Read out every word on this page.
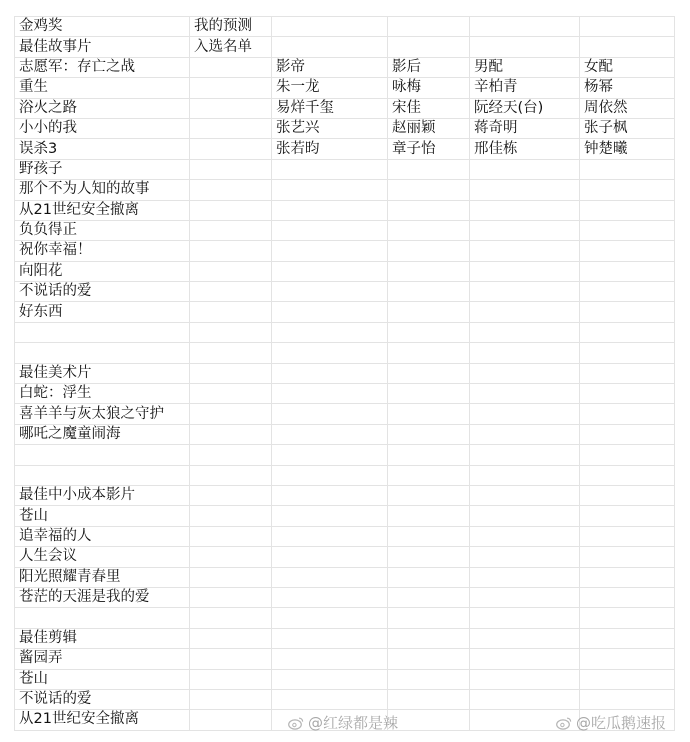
金鸡奖	我的预测				
最佳故事片	入选名单				
志愿军：存亡之战		影帝	影后	男配	女配
重生		朱一龙	咏梅	辛柏青	杨幂
浴火之路		易烊千玺	宋佳	阮经天(台)	周依然
小小的我		张艺兴	赵丽颖	蒋奇明	张子枫
误杀3		张若昀	章子怡	邢佳栋	钟楚曦
野孩子					
那个不为人知的故事					
从21世纪安全撤离					
负负得正					
祝你幸福！					
向阳花					
不说话的爱					
好东西					

最佳美术片					
白蛇：浮生					
喜羊羊与灰太狼之守护					
哪吒之魔童闹海					

最佳中小成本影片					
苍山					
追幸福的人					
人生会议					
阳光照耀青春里					
苍茫的天涯是我的爱					

最佳剪辑					
酱园弄					
苍山					
不说话的爱					
从21世纪安全撤离						@红绿都是辣	@吃瓜鹅速报
